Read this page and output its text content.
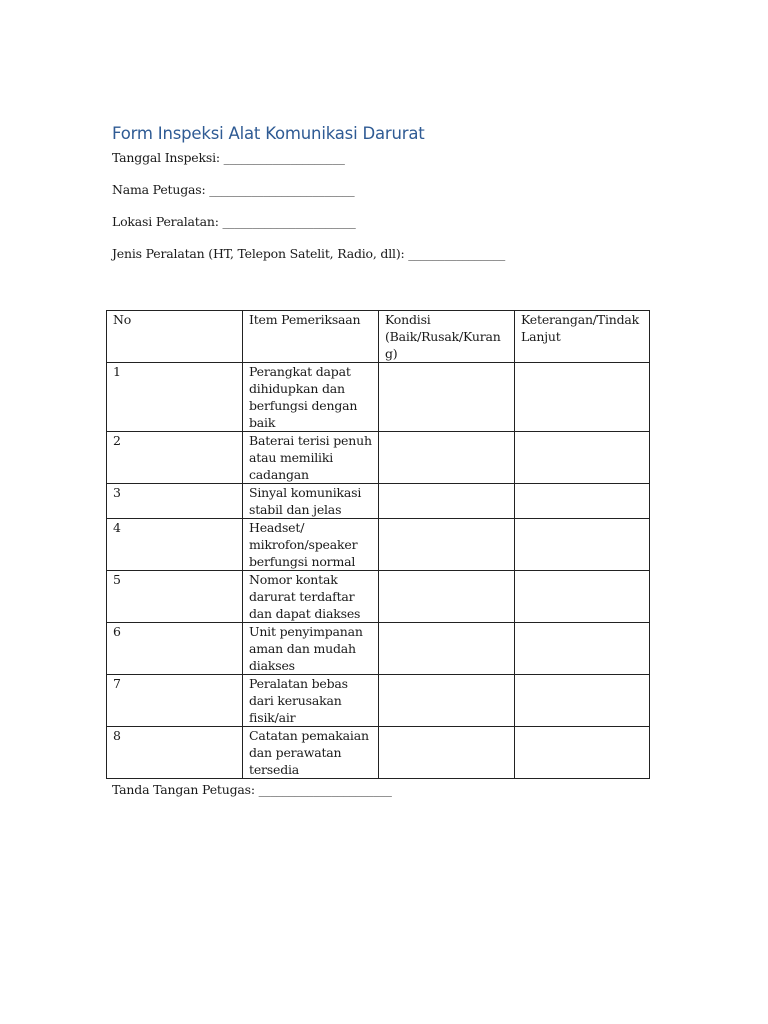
Form Inspeksi Alat Komunikasi Darurat
Tanggal Inspeksi: ____________________
Nama Petugas: ________________________
Lokasi Peralatan: ______________________
Jenis Peralatan (HT, Telepon Satelit, Radio, dll): ________________
No	Item Pemeriksaan	Kondisi (Baik/Rusak/Kurang)	Keterangan/Tindak Lanjut
1	Perangkat dapat dihidupkan dan berfungsi dengan baik		
2	Baterai terisi penuh atau memiliki cadangan		
3	Sinyal komunikasi stabil dan jelas		
4	Headset/ mikrofon/speaker berfungsi normal		
5	Nomor kontak darurat terdaftar dan dapat diakses		
6	Unit penyimpanan aman dan mudah diakses		
7	Peralatan bebas dari kerusakan fisik/air		
8	Catatan pemakaian dan perawatan tersedia		
Tanda Tangan Petugas: ______________________
